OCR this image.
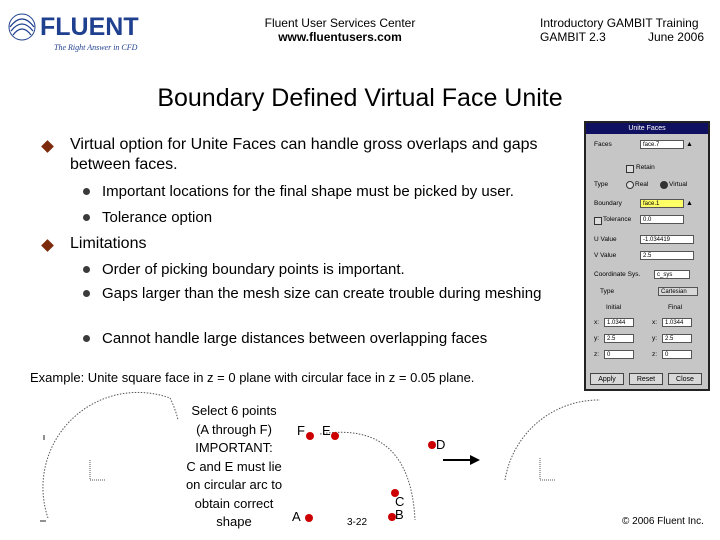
FLUENT
The Right Answer in CFD
Fluent User Services Center
www.fluentusers.com
Introductory GAMBIT Training
GAMBIT 2.3	June 2006
Boundary Defined Virtual Face Unite
Virtual option for Unite Faces can handle gross overlaps and gaps between faces.
Important locations for the final shape must be picked by user.
Tolerance option
Limitations
Order of picking boundary points is important.
Gaps larger than the mesh size can create trouble during meshing
Cannot handle large distances between overlapping faces
Example: Unite square face in z = 0 plane with circular face in z = 0.05 plane.
Unite Faces
Faces	face.7	▲
Retain
Type	Real	Virtual
Boundary	face.1	▲
Tolerance	0.0
U Value	-1.034419
V Value	2.5
Coordinate Sys.	c_sys
Type	Cartesian
Initial	Final
x:	1.0344	x:	1.0344
y:	2.5	y:	2.5
z:	0	z:	0
Apply	Reset	Close
Select 6 points
(A through F)
IMPORTANT:
C and E must lie
on circular arc to
obtain correct
shape
F E
D
C
B
A	3-22	© 2006 Fluent Inc.
